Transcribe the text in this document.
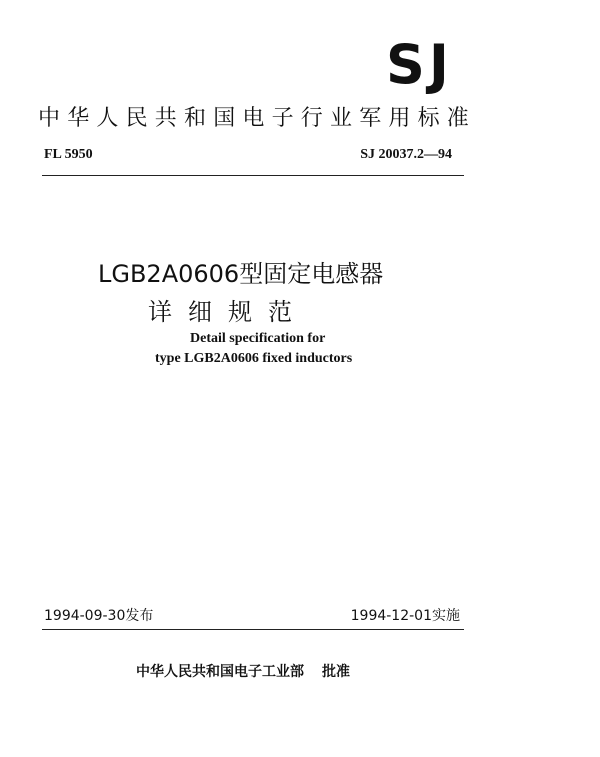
SJ
中华人民共和国电子行业军用标准
FL 5950	SJ 20037.2—94
LGB2A0606型固定电感器
详细规范
Detail specification for
type LGB2A0606 fixed inductors
1994-09-30发布	1994-12-01实施
中华人民共和国电子工业部 批准
